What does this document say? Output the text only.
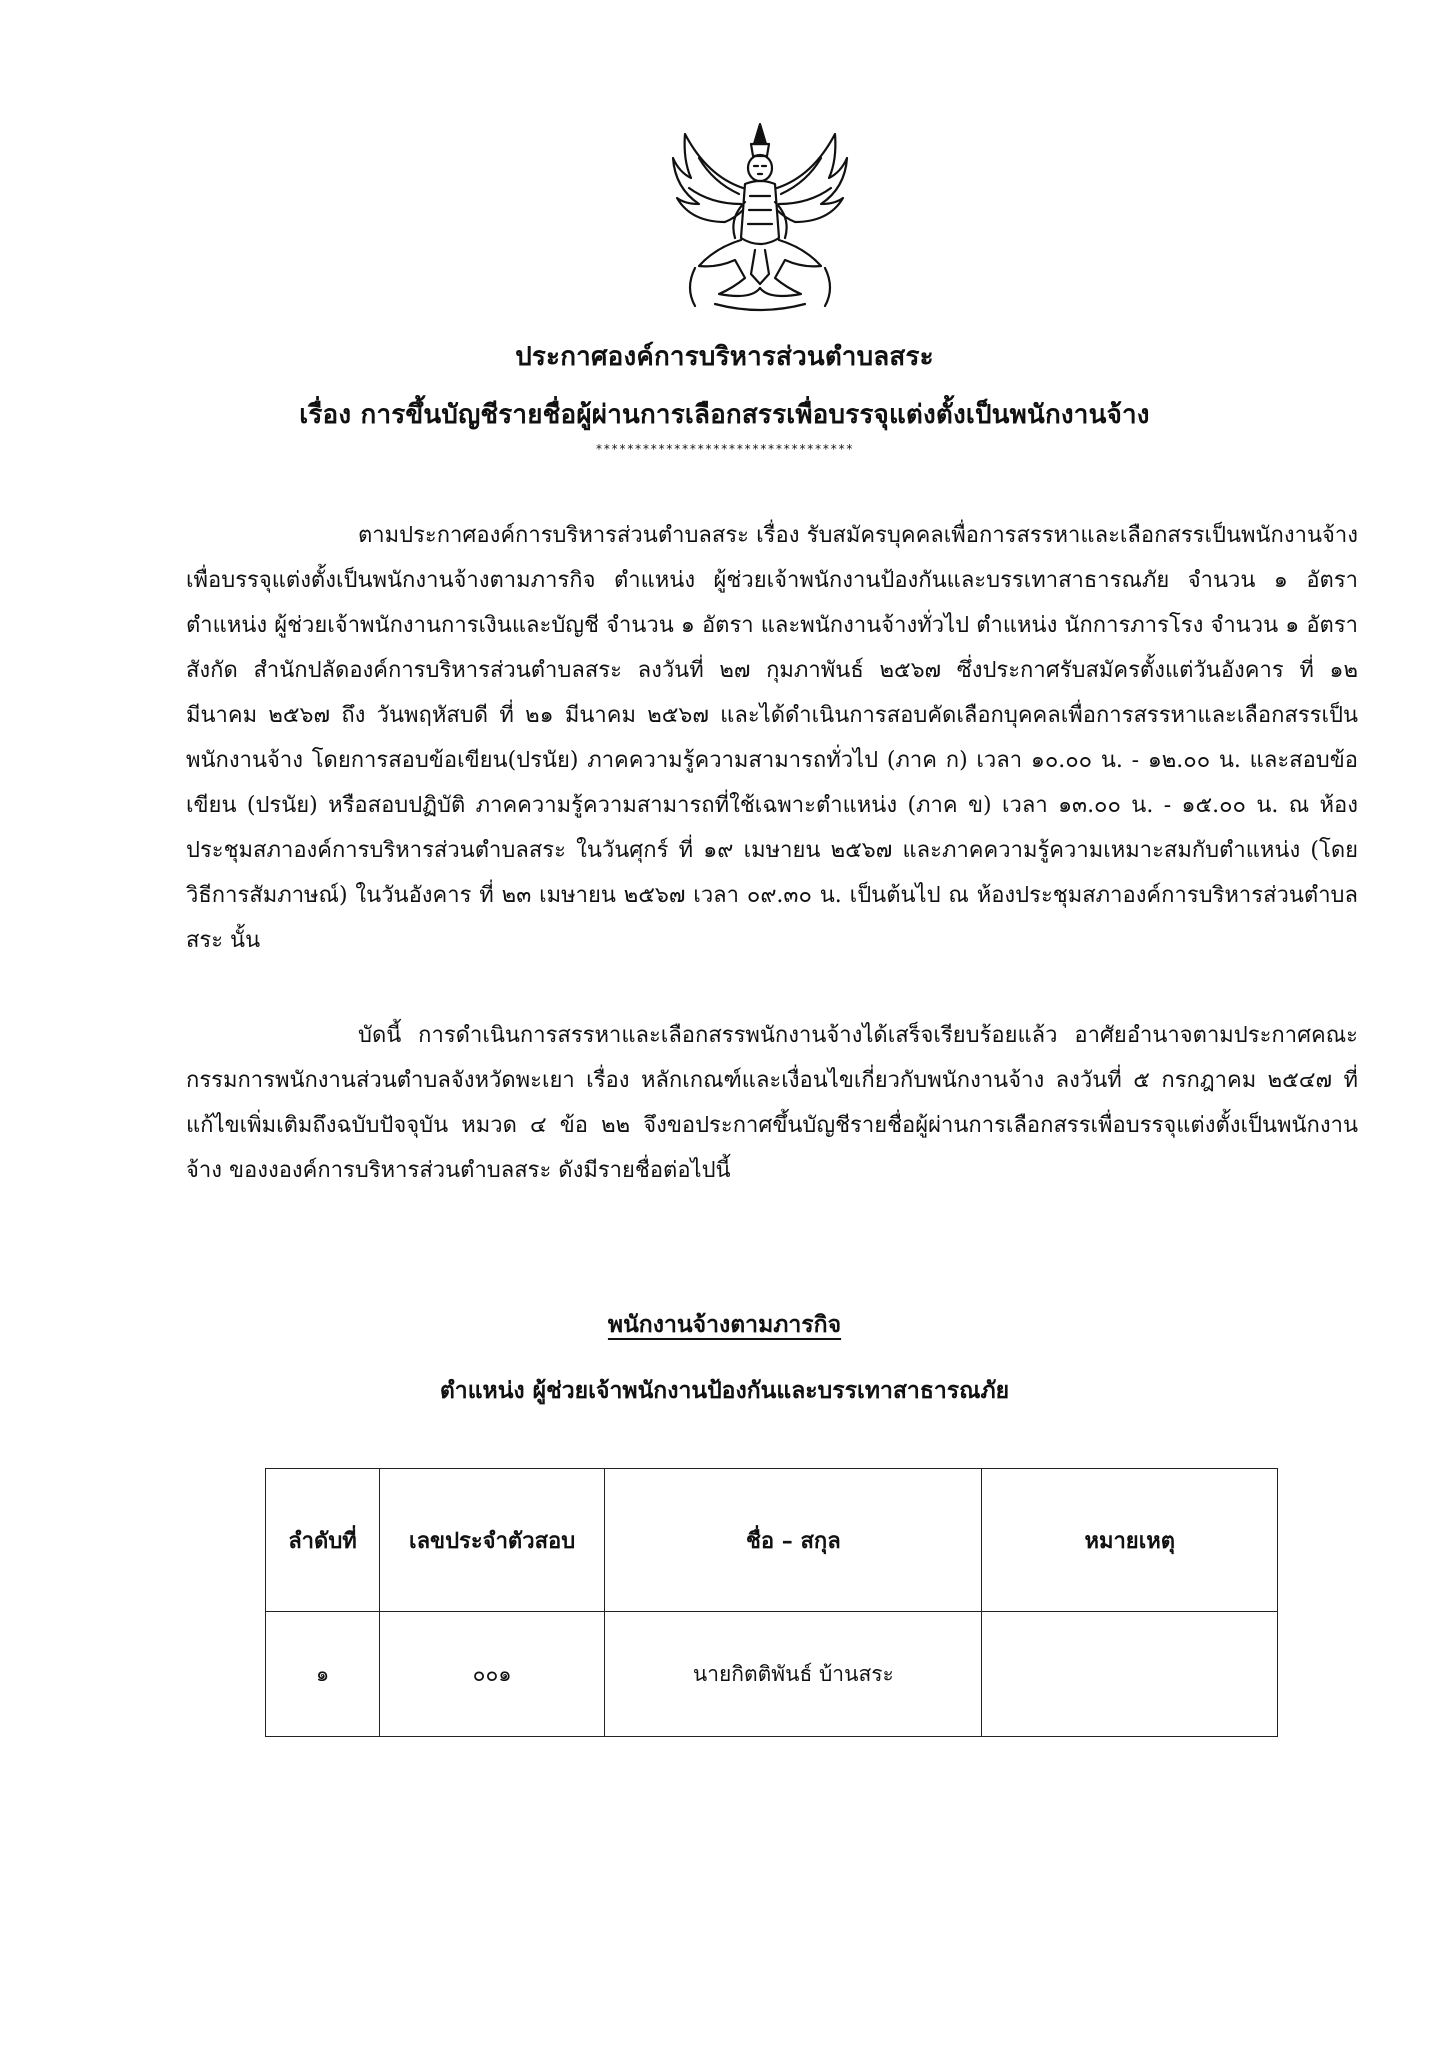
ประกาศองค์การบริหารส่วนตำบลสระ
เรื่อง การขึ้นบัญชีรายชื่อผู้ผ่านการเลือกสรรเพื่อบรรจุแต่งตั้งเป็นพนักงานจ้าง
*********************************
ตามประกาศองค์การบริหารส่วนตำบลสระ เรื่อง รับสมัครบุคคลเพื่อการสรรหาและเลือกสรรเป็นพนักงานจ้าง เพื่อบรรจุแต่งตั้งเป็นพนักงานจ้างตามภารกิจ ตำแหน่ง ผู้ช่วยเจ้าพนักงานป้องกันและบรรเทาสาธารณภัย จำนวน ๑ อัตรา ตำแหน่ง ผู้ช่วยเจ้าพนักงานการเงินและบัญชี จำนวน ๑ อัตรา และพนักงานจ้างทั่วไป ตำแหน่ง นักการภารโรง จำนวน ๑ อัตรา สังกัด สำนักปลัดองค์การบริหารส่วนตำบลสระ ลงวันที่ ๒๗ กุมภาพันธ์ ๒๕๖๗ ซึ่งประกาศรับสมัครตั้งแต่วันอังคาร ที่ ๑๒ มีนาคม ๒๕๖๗ ถึง วันพฤหัสบดี ที่ ๒๑ มีนาคม ๒๕๖๗ และได้ดำเนินการสอบคัดเลือกบุคคลเพื่อการสรรหาและเลือกสรรเป็นพนักงานจ้าง โดยการสอบข้อเขียน(ปรนัย) ภาคความรู้ความสามารถทั่วไป (ภาค ก) เวลา ๑๐.๐๐ น. - ๑๒.๐๐ น. และสอบข้อเขียน (ปรนัย) หรือสอบปฏิบัติ ภาคความรู้ความสามารถที่ใช้เฉพาะตำแหน่ง (ภาค ข) เวลา ๑๓.๐๐ น. - ๑๕.๐๐ น. ณ ห้องประชุมสภาองค์การบริหารส่วนตำบลสระ ในวันศุกร์ ที่ ๑๙ เมษายน ๒๕๖๗ และภาคความรู้ความเหมาะสมกับตำแหน่ง (โดยวิธีการสัมภาษณ์) ในวันอังคาร ที่ ๒๓ เมษายน ๒๕๖๗ เวลา ๐๙.๓๐ น. เป็นต้นไป ณ ห้องประชุมสภาองค์การบริหารส่วนตำบลสระ นั้น
บัดนี้ การดำเนินการสรรหาและเลือกสรรพนักงานจ้างได้เสร็จเรียบร้อยแล้ว อาศัยอำนาจตามประกาศคณะกรรมการพนักงานส่วนตำบลจังหวัดพะเยา เรื่อง หลักเกณฑ์และเงื่อนไขเกี่ยวกับพนักงานจ้าง ลงวันที่ ๕ กรกฎาคม ๒๕๔๗ ที่แก้ไขเพิ่มเติมถึงฉบับปัจจุบัน หมวด ๔ ข้อ ๒๒ จึงขอประกาศขึ้นบัญชีรายชื่อผู้ผ่านการเลือกสรรเพื่อบรรจุแต่งตั้งเป็นพนักงานจ้าง ของงองค์การบริหารส่วนตำบลสระ ดังมีรายชื่อต่อไปนี้
พนักงานจ้างตามภารกิจ
ตำแหน่ง ผู้ช่วยเจ้าพนักงานป้องกันและบรรเทาสาธารณภัย
ลำดับที่	เลขประจำตัวสอบ	ชื่อ – สกุล	หมายเหตุ
๑	๐๐๑	นายกิตติพันธ์ บ้านสระ	
